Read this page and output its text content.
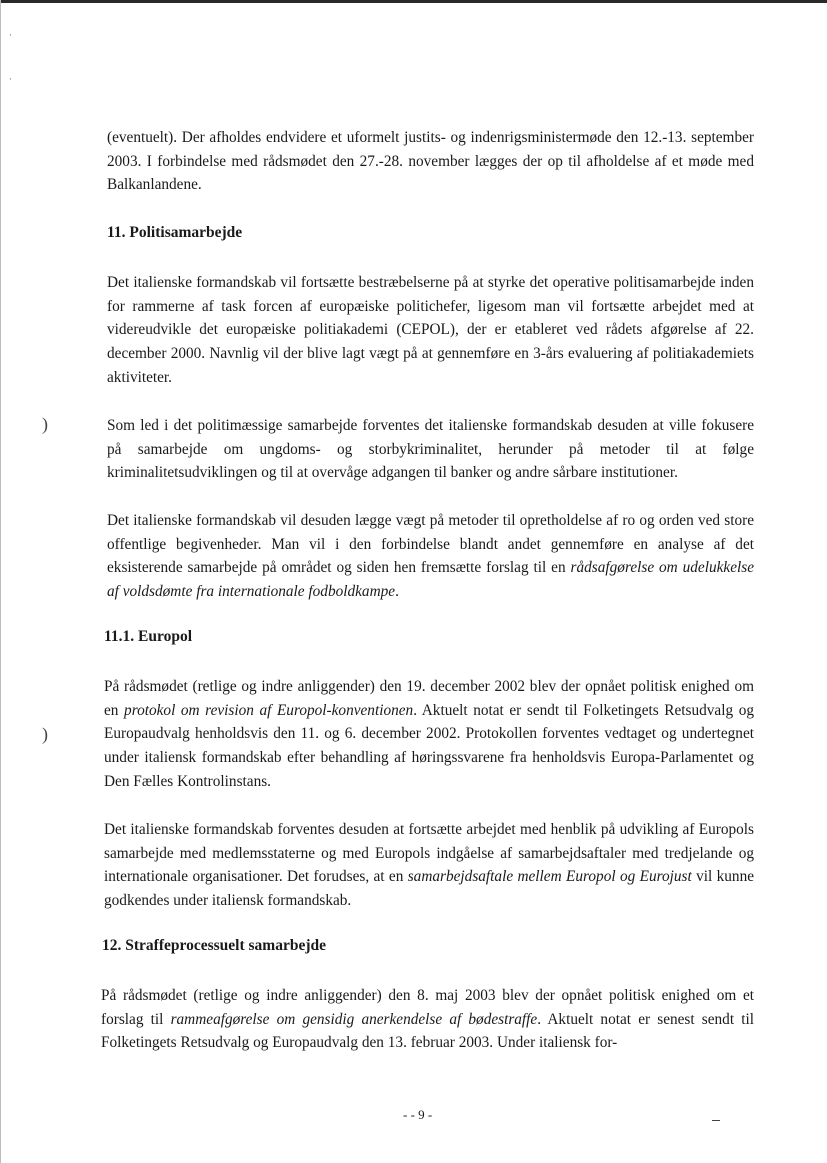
·
·
)
)

(eventuelt). Der afholdes endvidere et uformelt justits- og indenrigsministermøde den 12.-13. september 2003. I forbindelse med rådsmødet den 27.-28. november lægges der op til afholdelse af et møde med Balkanlandene.

11. Politisamarbejde

Det italienske formandskab vil fortsætte bestræbelserne på at styrke det operative politisamarbejde inden for rammerne af task forcen af europæiske politichefer, ligesom man vil fortsætte arbejdet med at videreudvikle det europæiske politiakademi (CEPOL), der er etableret ved rådets afgørelse af 22. december 2000. Navnlig vil der blive lagt vægt på at gennemføre en 3-års evaluering af politiakademiets aktiviteter.

Som led i det politimæssige samarbejde forventes det italienske formandskab desuden at ville fokusere på samarbejde om ungdoms- og storbykriminalitet, herunder på metoder til at følge kriminalitetsudviklingen og til at overvåge adgangen til banker og andre sårbare institutioner.

Det italienske formandskab vil desuden lægge vægt på metoder til opretholdelse af ro og orden ved store offentlige begivenheder. Man vil i den forbindelse blandt andet gennemføre en analyse af det eksisterende samarbejde på området og siden hen fremsætte forslag til en rådsafgørelse om udelukkelse af voldsdømte fra internationale fodboldkampe.

11.1. Europol

På rådsmødet (retlige og indre anliggender) den 19. december 2002 blev der opnået politisk enighed om en protokol om revision af Europol-konventionen. Aktuelt notat er sendt til Folketingets Retsudvalg og Europaudvalg henholdsvis den 11. og 6. december 2002. Protokollen forventes vedtaget og undertegnet under italiensk formandskab efter behandling af høringssvarene fra henholdsvis Europa-Parlamentet og Den Fælles Kontrolinstans.

Det italienske formandskab forventes desuden at fortsætte arbejdet med henblik på udvikling af Europols samarbejde med medlemsstaterne og med Europols indgåelse af samarbejdsaftaler med tredjelande og internationale organisationer. Det forudses, at en samarbejdsaftale mellem Europol og Eurojust vil kunne godkendes under italiensk formandskab.

12. Straffeprocessuelt samarbejde

På rådsmødet (retlige og indre anliggender) den 8. maj 2003 blev der opnået politisk enighed om et forslag til rammeafgørelse om gensidig anerkendelse af bødestraffe. Aktuelt notat er senest sendt til Folketingets Retsudvalg og Europaudvalg den 13. februar 2003. Under italiensk for-

- - 9 -
